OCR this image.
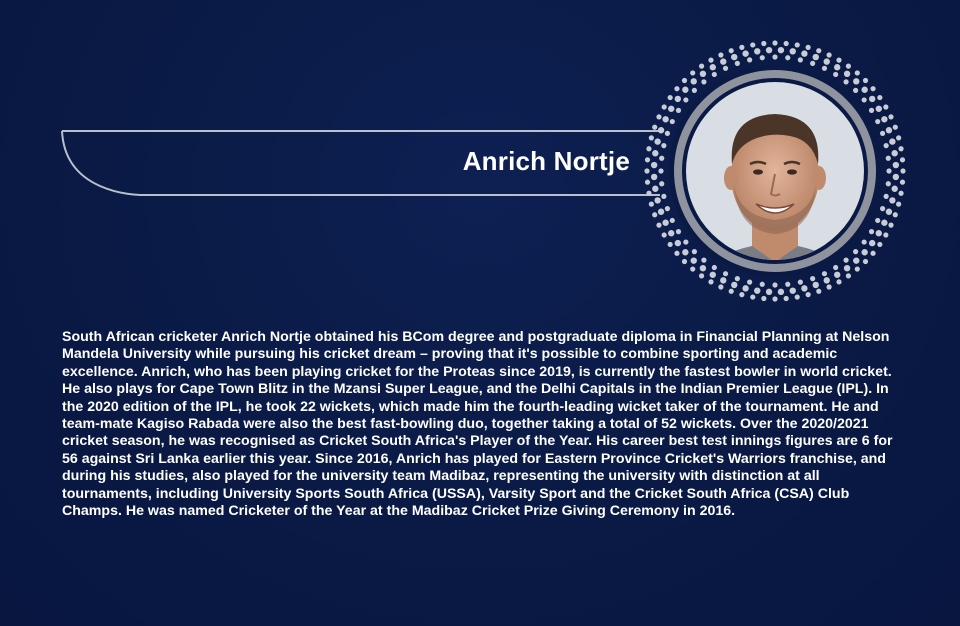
Anrich Nortje

South African cricketer Anrich Nortje obtained his BCom degree and postgraduate diploma in Financial Planning at Nelson Mandela University while pursuing his cricket dream – proving that it's possible to combine sporting and academic excellence. Anrich, who has been playing cricket for the Proteas since 2019, is currently the fastest bowler in world cricket. He also plays for Cape Town Blitz in the Mzansi Super League, and the Delhi Capitals in the Indian Premier League (IPL). In the 2020 edition of the IPL, he took 22 wickets, which made him the fourth-leading wicket taker of the tournament. He and team-mate Kagiso Rabada were also the best fast-bowling duo, together taking a total of 52 wickets. Over the 2020/2021 cricket season, he was recognised as Cricket South Africa's Player of the Year. His career best test innings figures are 6 for 56 against Sri Lanka earlier this year. Since 2016, Anrich has played for Eastern Province Cricket's Warriors franchise, and during his studies, also played for the university team Madibaz, representing the university with distinction at all tournaments, including University Sports South Africa (USSA), Varsity Sport and the Cricket South Africa (CSA) Club Champs. He was named Cricketer of the Year at the Madibaz Cricket Prize Giving Ceremony in 2016.
